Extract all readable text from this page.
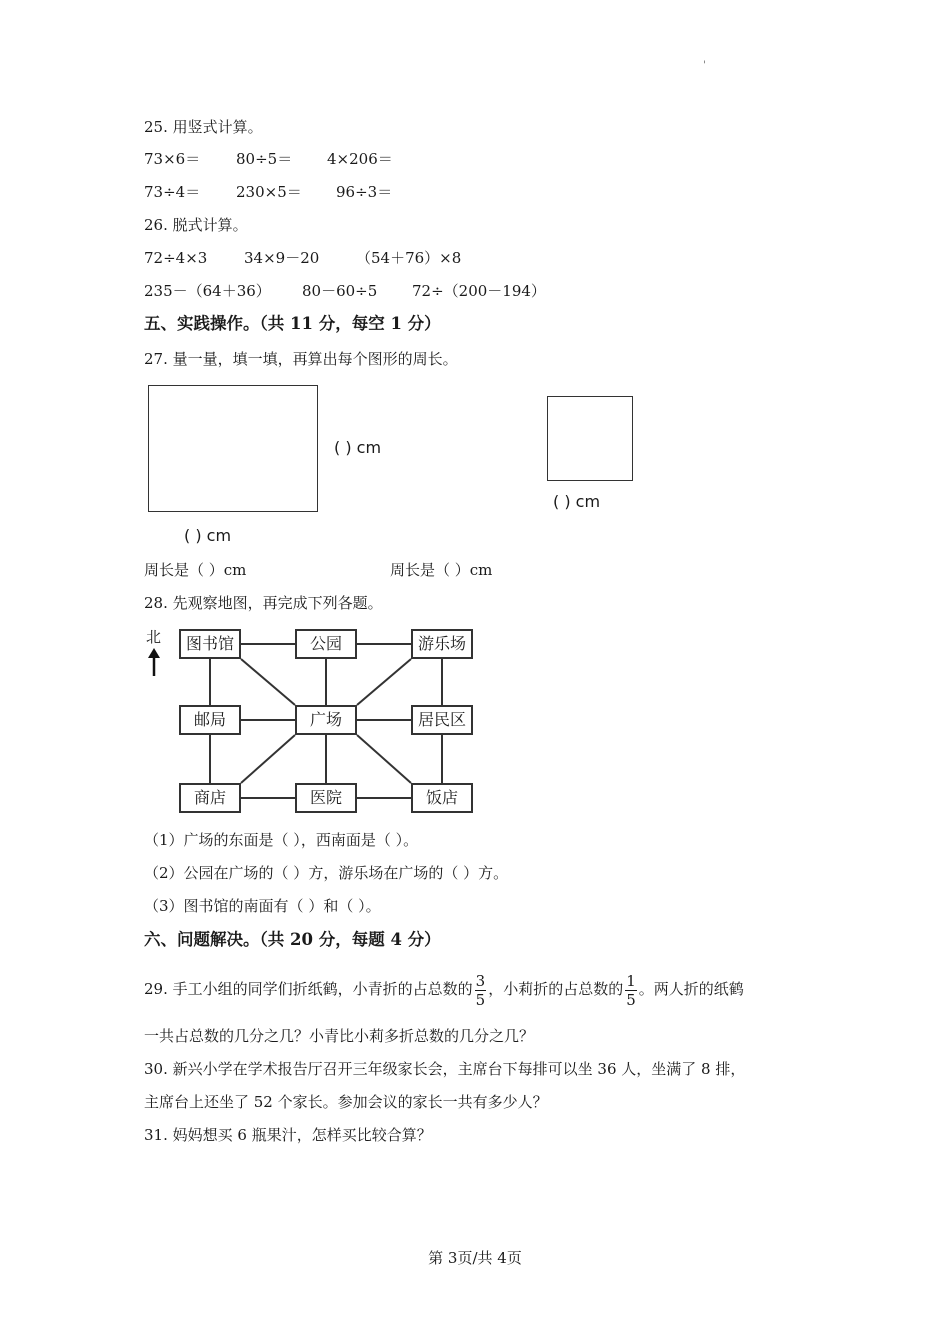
'
25. 用竖式计算。
73×6＝ 80÷5＝ 4×206＝
73÷4＝ 230×5＝ 96÷3＝
26. 脱式计算。
72÷4×3 34×9－20 （54＋76）×8
235－（64＋36） 80－60÷5 72÷（200－194）
五、实践操作。（共 11 分，每空 1 分）
27. 量一量，填一填，再算出每个图形的周长。
( ) cm
( ) cm
( ) cm
周长是（ ）cm	周长是（ ）cm
28. 先观察地图，再完成下列各题。
北	图书馆	公园	游乐场
邮局	广场	居民区
商店	医院	饭店
（1）广场的东面是（ ），西南面是（ ）。
（2）公园在广场的（ ）方，游乐场在广场的（ ）方。
（3）图书馆的南面有（ ）和（ ）。
六、问题解决。（共 20 分，每题 4 分）
29. 手工小组的同学们折纸鹤，小青折的占总数的 $\frac{3}{5}$ ，小莉折的占总数的 $\frac{1}{5}$ 。两人折的纸鹤
一共占总数的几分之几？小青比小莉多折总数的几分之几？
30. 新兴小学在学术报告厅召开三年级家长会，主席台下每排可以坐 36 人，坐满了 8 排，
主席台上还坐了 52 个家长。参加会议的家长一共有多少人？
31. 妈妈想买 6 瓶果汁，怎样买比较合算？
第 3页/共 4页
